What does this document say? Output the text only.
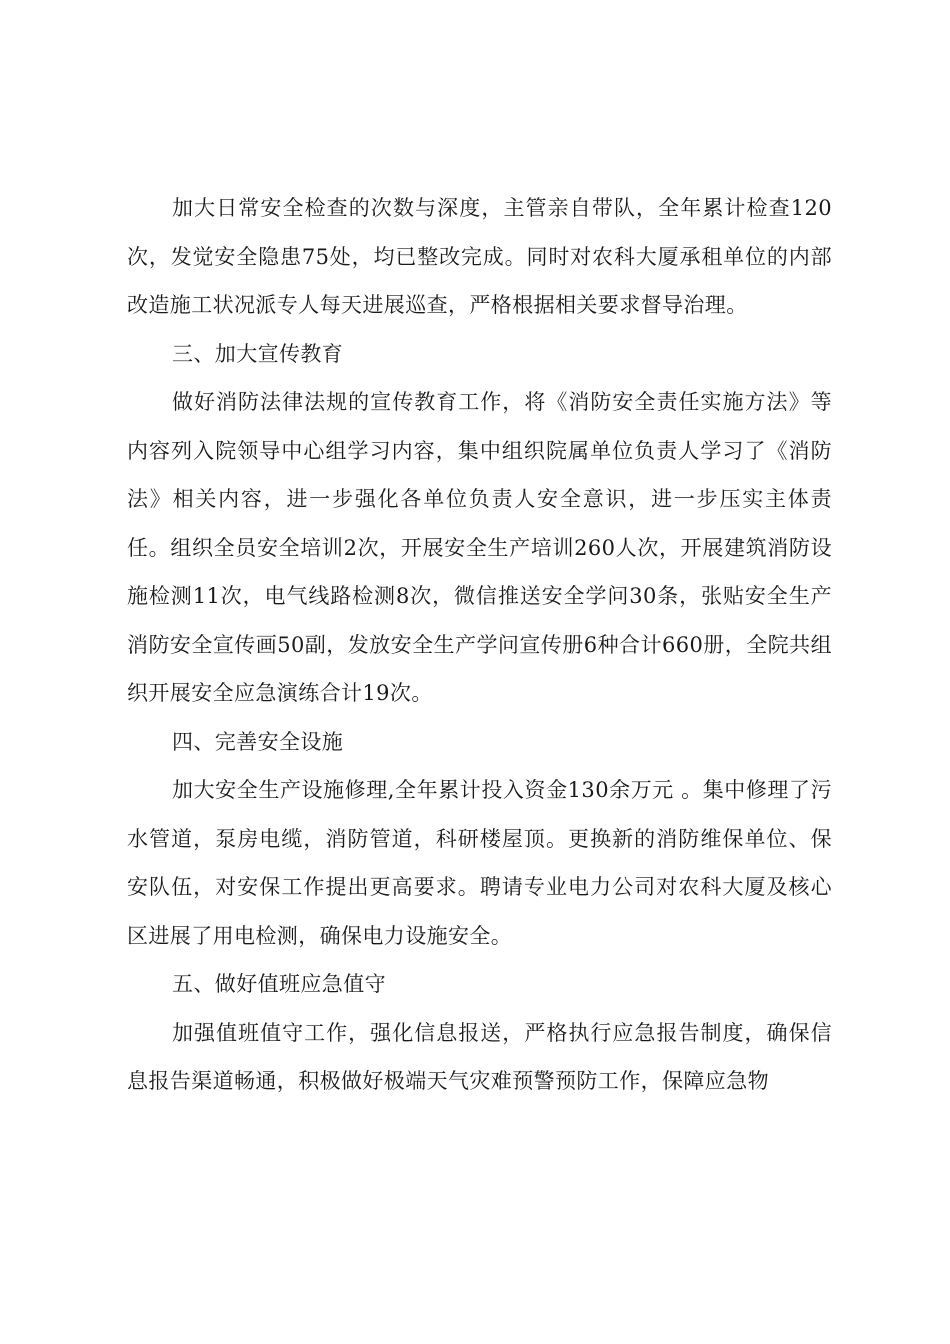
加大日常安全检查的次数与深度，主管亲自带队，全年累计检查120次，发觉安全隐患75处，均已整改完成。同时对农科大厦承租单位的内部改造施工状况派专人每天进展巡查，严格根据相关要求督导治理。

三、加大宣传教育

做好消防法律法规的宣传教育工作，将《消防安全责任实施方法》等内容列入院领导中心组学习内容，集中组织院属单位负责人学习了《消防法》相关内容，进一步强化各单位负责人安全意识，进一步压实主体责任。组织全员安全培训2次，开展安全生产培训260人次，开展建筑消防设施检测11次，电气线路检测8次，微信推送安全学问30条，张贴安全生产消防安全宣传画50副，发放安全生产学问宣传册6种合计660册，全院共组织开展安全应急演练合计19次。

四、完善安全设施

加大安全生产设施修理,全年累计投入资金130余万元 。集中修理了污水管道，泵房电缆，消防管道，科研楼屋顶。更换新的消防维保单位、保安队伍，对安保工作提出更高要求。聘请专业电力公司对农科大厦及核心区进展了用电检测，确保电力设施安全。

五、做好值班应急值守

加强值班值守工作，强化信息报送，严格执行应急报告制度，确保信息报告渠道畅通，积极做好极端天气灾难预警预防工作，保障应急物
